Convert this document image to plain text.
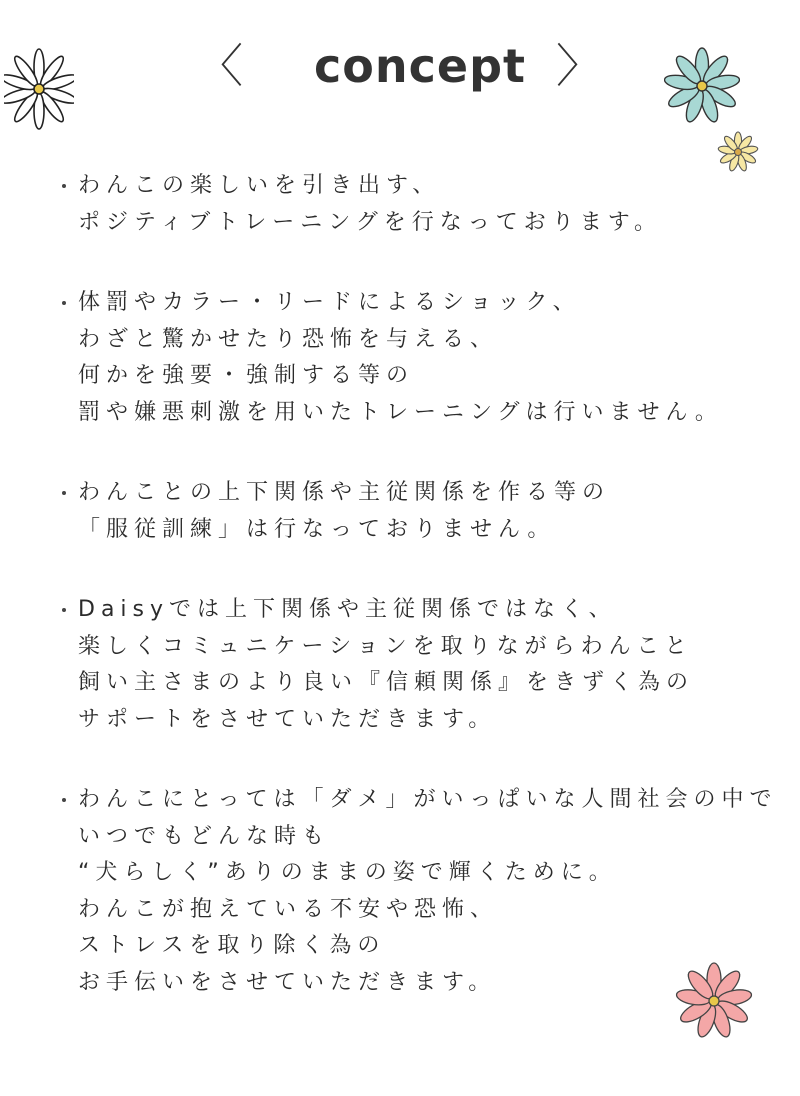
〈 concept 〉
わんこの楽しいを引き出す、
ポジティブトレーニングを行なっております。
体罰やカラー・リードによるショック、
わざと驚かせたり恐怖を与える、
何かを強要・強制する等の
罰や嫌悪刺激を用いたトレーニングは行いません。
わんことの上下関係や主従関係を作る等の
「服従訓練」は行なっておりません。
Daisyでは上下関係や主従関係ではなく、
楽しくコミュニケーションを取りながらわんこと
飼い主さまのより良い『信頼関係』をきずく為の
サポートをさせていただきます。
わんこにとっては「ダメ」がいっぱいな人間社会の中で
いつでもどんな時も
“犬らしく”ありのままの姿で輝くために。
わんこが抱えている不安や恐怖、
ストレスを取り除く為の
お手伝いをさせていただきます。
